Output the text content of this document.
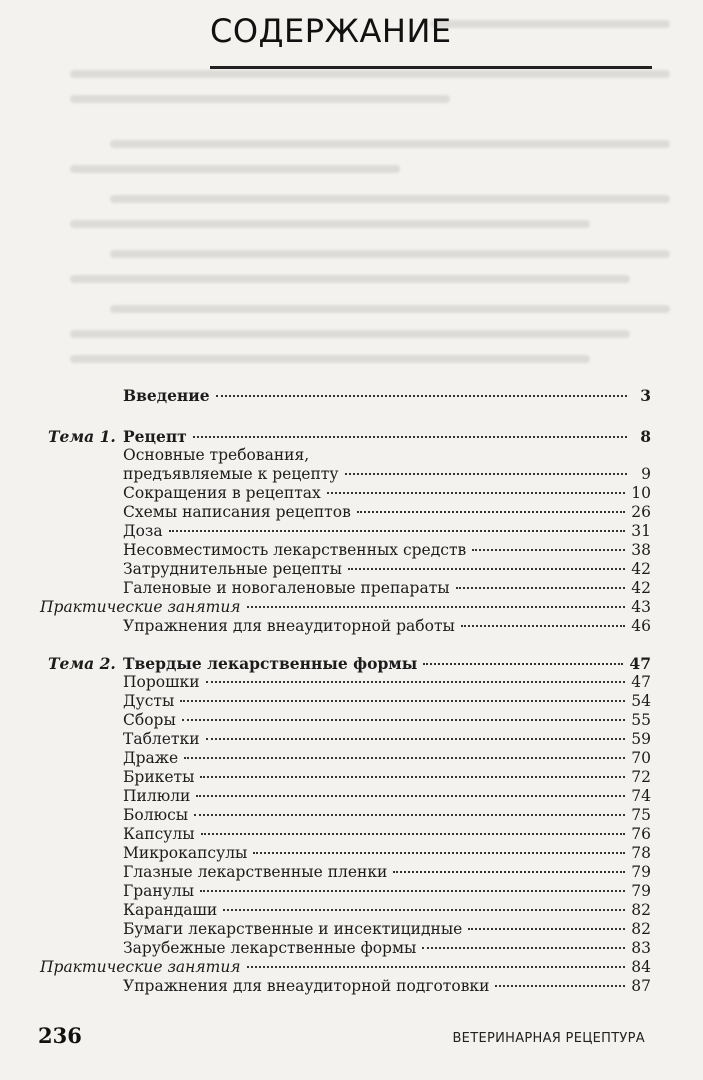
СОДЕРЖАНИЕ
Введение	3
Тема 1. Рецепт	8
Основные требования,
предъявляемые к рецепту	9
Сокращения в рецептах	10
Схемы написания рецептов	26
Доза	31
Несовместимость лекарственных средств	38
Затруднительные рецепты	42
Галеновые и новогаленовые препараты	42
Практические занятия	43
Упражнения для внеаудиторной работы	46
Тема 2. Твердые лекарственные формы	47
Порошки	47
Дусты	54
Сборы	55
Таблетки	59
Драже	70
Брикеты	72
Пилюли	74
Болюсы	75
Капсулы	76
Микрокапсулы	78
Глазные лекарственные пленки	79
Гранулы	79
Карандаши	82
Бумаги лекарственные и инсектицидные	82
Зарубежные лекарственные формы	83
Практические занятия	84
Упражнения для внеаудиторной подготовки	87
236	ВЕТЕРИНАРНАЯ РЕЦЕПТУРА
